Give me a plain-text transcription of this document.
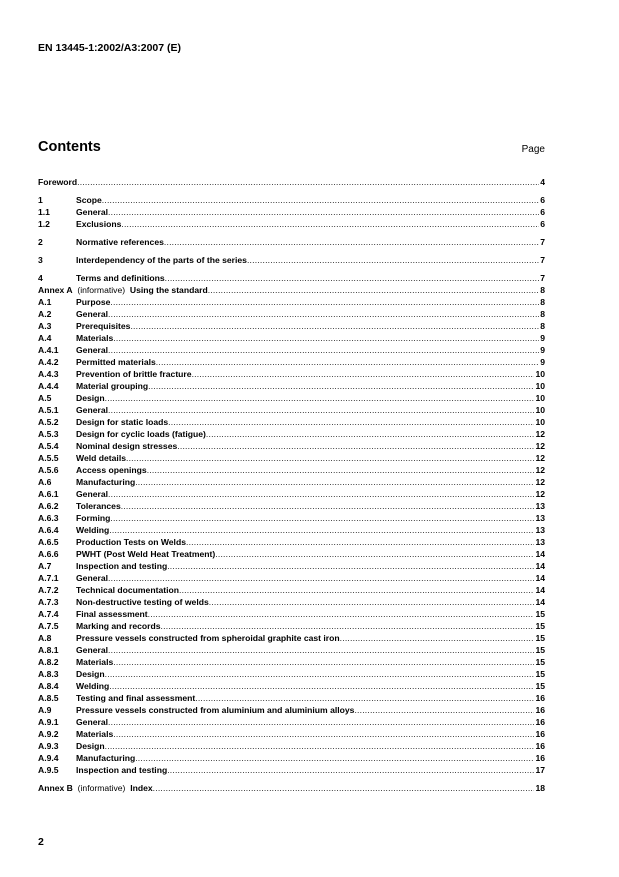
EN 13445-1:2002/A3:2007 (E)
Contents	Page
Foreword .....	4
1	Scope .....	6
1.1	General .....	6
1.2	Exclusions .....	6
2	Normative references .....	7
3	Interdependency of the parts of the series .....	7
4	Terms and definitions .....	7
Annex A (informative) Using the standard .....	8
A.1	Purpose .....	8
A.2	General .....	8
A.3	Prerequisites .....	8
A.4	Materials .....	9
A.4.1	General .....	9
A.4.2	Permitted materials .....	9
A.4.3	Prevention of brittle fracture .....	10
A.4.4	Material grouping .....	10
A.5	Design .....	10
A.5.1	General .....	10
A.5.2	Design for static loads .....	10
A.5.3	Design for cyclic loads (fatigue) .....	12
A.5.4	Nominal design stresses .....	12
A.5.5	Weld details .....	12
A.5.6	Access openings .....	12
A.6	Manufacturing .....	12
A.6.1	General .....	12
A.6.2	Tolerances .....	13
A.6.3	Forming .....	13
A.6.4	Welding .....	13
A.6.5	Production Tests on Welds .....	13
A.6.6	PWHT (Post Weld Heat Treatment) .....	14
A.7	Inspection and testing .....	14
A.7.1	General .....	14
A.7.2	Technical documentation .....	14
A.7.3	Non-destructive testing of welds .....	14
A.7.4	Final assessment .....	15
A.7.5	Marking and records .....	15
A.8	Pressure vessels constructed from spheroidal graphite cast iron .....	15
A.8.1	General .....	15
A.8.2	Materials .....	15
A.8.3	Design .....	15
A.8.4	Welding .....	15
A.8.5	Testing and final assessment .....	16
A.9	Pressure vessels constructed from aluminium and aluminium alloys .....	16
A.9.1	General .....	16
A.9.2	Materials .....	16
A.9.3	Design .....	16
A.9.4	Manufacturing .....	16
A.9.5	Inspection and testing .....	17
Annex B (informative) Index .....	18
2
